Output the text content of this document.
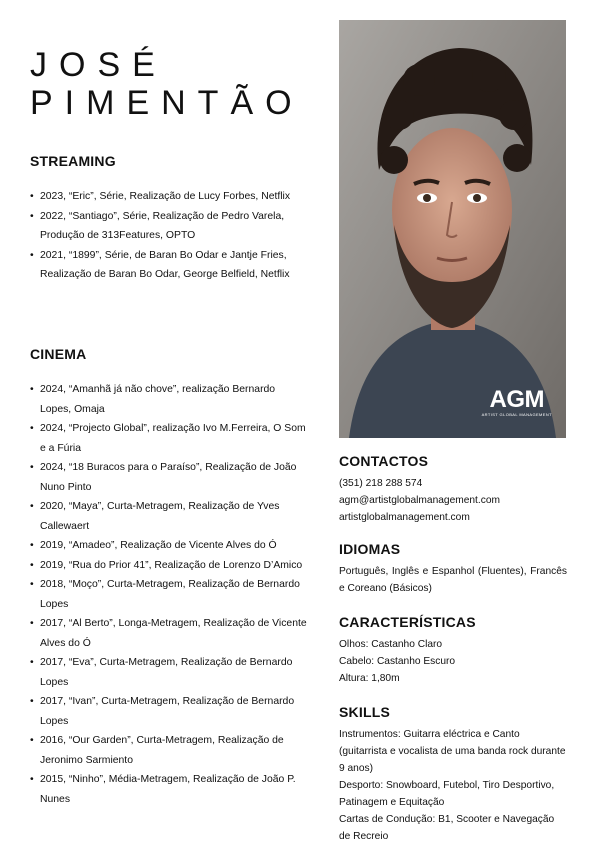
JOSÉ
PIMENTÃO
STREAMING
• 2023, “Eric”, Série, Realização de Lucy Forbes, Netflix
• 2022, “Santiago”, Série, Realização de Pedro Varela, Produção de 313Features, OPTO
• 2021, “1899”, Série, de Baran Bo Odar e Jantje Fries, Realização de Baran Bo Odar, George Belfield, Netflix
CINEMA
• 2024, “Amanhã já não chove”, realização Bernardo Lopes, Omaja
• 2024, “Projecto Global”, realização Ivo M.Ferreira, O Som e a Fúria
• 2024, “18 Buracos para o Paraíso”, Realização de João Nuno Pinto
• 2020, “Maya”, Curta-Metragem, Realização de Yves Callewaert
• 2019, “Amadeo”, Realização de Vicente Alves do Ó
• 2019, “Rua do Prior 41”, Realização de Lorenzo D’Amico
• 2018, “Moço”, Curta-Metragem, Realização de Bernardo Lopes
• 2017, “Al Berto”, Longa-Metragem, Realização de Vicente Alves do Ó
• 2017, “Eva”, Curta-Metragem, Realização de Bernardo Lopes
• 2017, “Ivan”, Curta-Metragem, Realização de Bernardo Lopes
• 2016, “Our Garden”, Curta-Metragem, Realização de Jeronimo Sarmiento
• 2015, “Ninho”, Média-Metragem, Realização de João P. Nunes
AGM
ARTIST GLOBAL MANAGEMENT
CONTACTOS

(351) 218 288 574

agm@artistglobalmanagement.com

artistglobalmanagement.com

IDIOMAS

Português, Inglês e Espanhol (Fluentes), Francês e Coreano (Básicos)

CARACTERÍSTICAS

Olhos: Castanho Claro

Cabelo: Castanho Escuro

Altura: 1,80m

SKILLS

Instrumentos: Guitarra eléctrica e Canto (guitarrista e vocalista de uma banda rock durante 9 anos)

Desporto: Snowboard, Futebol, Tiro Desportivo, Patinagem e Equitação

Cartas de Condução: B1, Scooter e Navegação de Recreio
